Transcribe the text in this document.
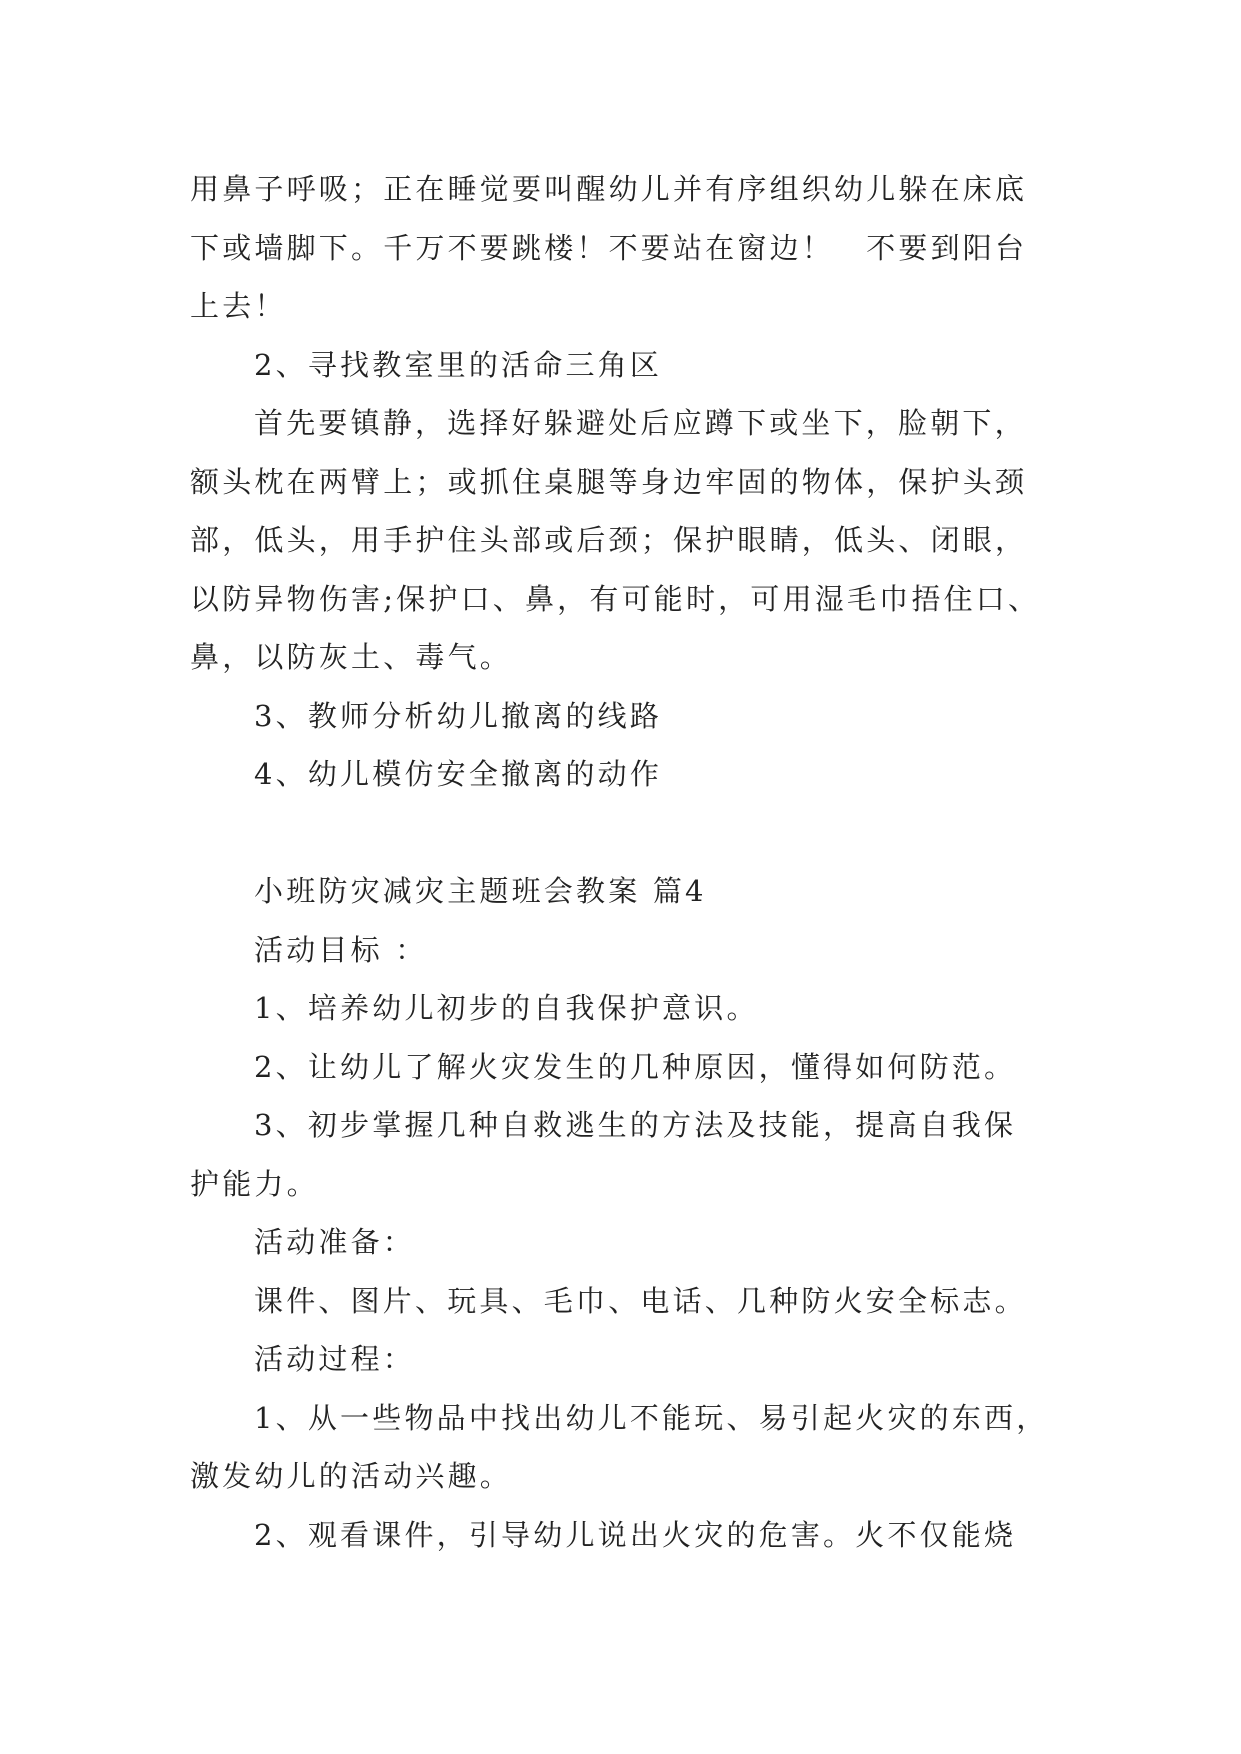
用鼻子呼吸；正在睡觉要叫醒幼儿并有序组织幼儿躲在床底
下或墙脚下。千万不要跳楼！不要站在窗边！　不要到阳台
上去！
2、寻找教室里的活命三角区
首先要镇静，选择好躲避处后应蹲下或坐下，脸朝下，
额头枕在两臂上；或抓住桌腿等身边牢固的物体，保护头颈
部，低头，用手护住头部或后颈；保护眼睛，低头、闭眼，
以防异物伤害;保护口、鼻，有可能时，可用湿毛巾捂住口、
鼻，以防灰土、毒气。
3、教师分析幼儿撤离的线路
4、幼儿模仿安全撤离的动作
小班防灾减灾主题班会教案 篇4
活动目标 ：
1、培养幼儿初步的自我保护意识。
2、让幼儿了解火灾发生的几种原因，懂得如何防范。
3、初步掌握几种自救逃生的方法及技能，提高自我保
护能力。
活动准备：
课件、图片、玩具、毛巾、电话、几种防火安全标志。
活动过程：
1、从一些物品中找出幼儿不能玩、易引起火灾的东西，
激发幼儿的活动兴趣。
2、观看课件，引导幼儿说出火灾的危害。火不仅能烧
